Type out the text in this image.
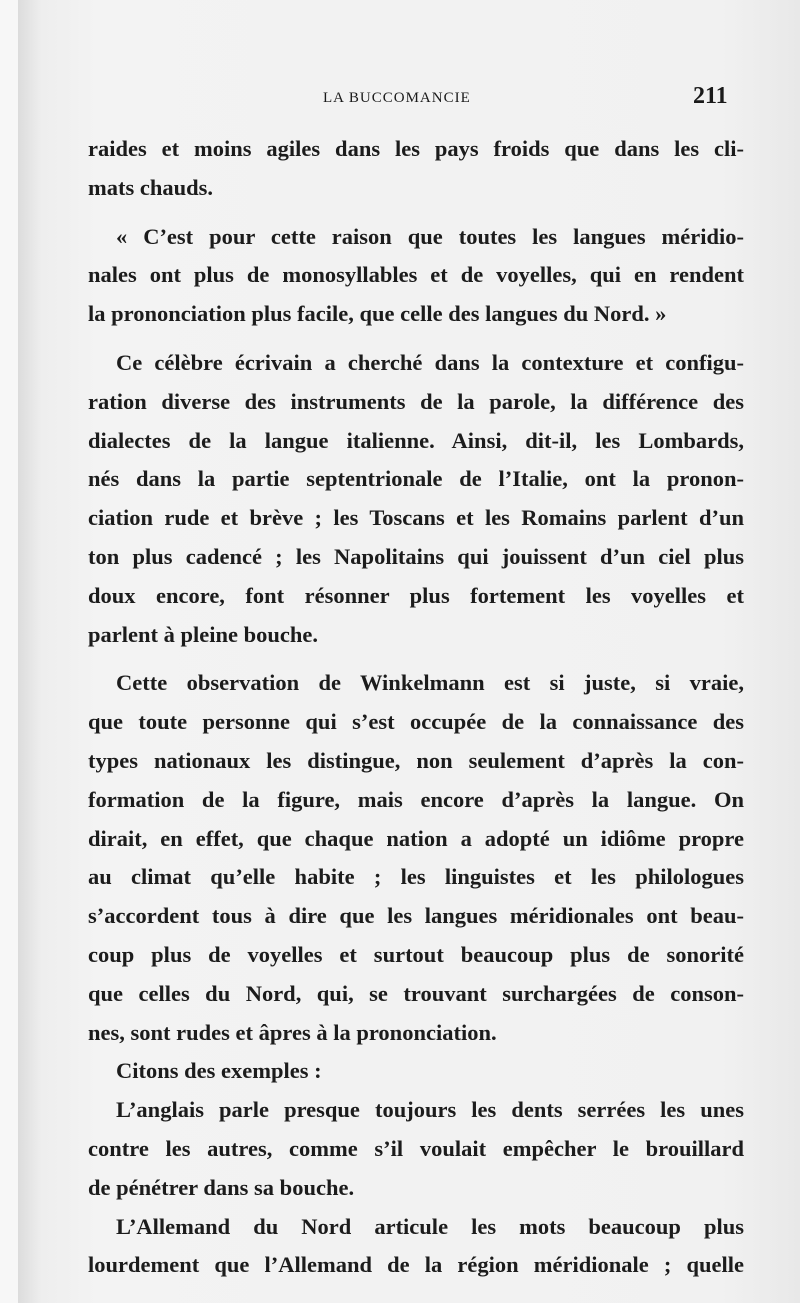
LA BUCCOMANCIE	211
raides et moins agiles dans les pays froids que dans les cli-
mats chauds.
« C’est pour cette raison que toutes les langues méridio-
nales ont plus de monosyllables et de voyelles, qui en rendent
la prononciation plus facile, que celle des langues du Nord. »
Ce célèbre écrivain a cherché dans la contexture et configu-
ration diverse des instruments de la parole, la différence des
dialectes de la langue italienne. Ainsi, dit-il, les Lombards,
nés dans la partie septentrionale de l’Italie, ont la pronon-
ciation rude et brève ; les Toscans et les Romains parlent d’un
ton plus cadencé ; les Napolitains qui jouissent d’un ciel plus
doux encore, font résonner plus fortement les voyelles et
parlent à pleine bouche.
Cette observation de Winkelmann est si juste, si vraie,
que toute personne qui s’est occupée de la connaissance des
types nationaux les distingue, non seulement d’après la con-
formation de la figure, mais encore d’après la langue. On
dirait, en effet, que chaque nation a adopté un idiôme propre
au climat qu’elle habite ; les linguistes et les philologues
s’accordent tous à dire que les langues méridionales ont beau-
coup plus de voyelles et surtout beaucoup plus de sonorité
que celles du Nord, qui, se trouvant surchargées de conson-
nes, sont rudes et âpres à la prononciation.
Citons des exemples :
L’anglais parle presque toujours les dents serrées les unes
contre les autres, comme s’il voulait empêcher le brouillard
de pénétrer dans sa bouche.
L’Allemand du Nord articule les mots beaucoup plus
lourdement que l’Allemand de la région méridionale ; quelle
